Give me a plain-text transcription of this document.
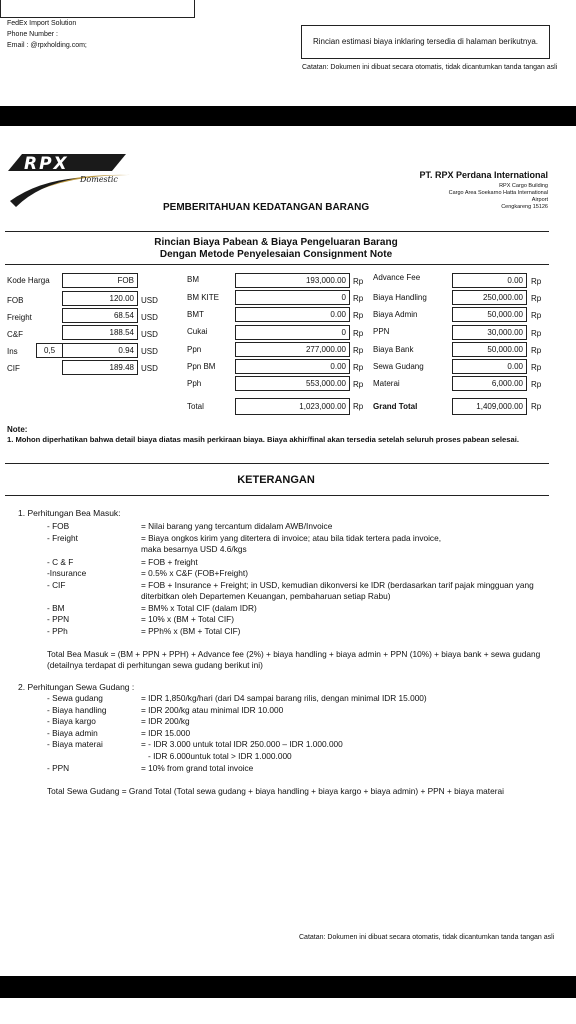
FedEx Import Solution
Phone Number :
Email : @rpxholding.com;	Rincian estimasi biaya inklaring tersedia di halaman berikutnya.
Catatan: Dokumen ini dibuat secara otomatis, tidak dicantumkan tanda tangan asli
RPX
Domestic	PT. RPX Perdana International
RPX Cargo Building
Cargo Area Soekarno Hatta International
Airport
Cengkareng 15126
PEMBERITAHUAN KEDATANGAN BARANG
Rincian Biaya Pabean & Biaya Pengeluaran Barang
Dengan Metode Penyelesaian Consignment Note
Kode Harga	FOB
FOB	120.00 USD
Freight	68.54 USD
C&F	188.54 USD
Ins	0,5	0.94 USD
CIF	189.48 USD
BM	193,000.00 Rp
BM KITE	0 Rp
BMT	0.00 Rp
Cukai	0 Rp
Ppn	277,000.00 Rp
Ppn BM	0.00 Rp
Pph	553,000.00 Rp
Total	1,023,000.00 Rp
Advance Fee	0.00	Rp
Biaya Handling	250,000.00	Rp
Biaya Admin	50,000.00	Rp
PPN	30,000.00	Rp
Biaya Bank	50,000.00	Rp
Sewa Gudang	0.00	Rp
Materai	6,000.00	Rp
Grand Total	1,409,000.00	Rp
Note:
1. Mohon diperhatikan bahwa detail biaya diatas masih perkiraan biaya. Biaya akhir/final akan tersedia setelah seluruh proses pabean selesai.
KETERANGAN
1. Perhitungan Bea Masuk:
- FOB	= Nilai barang yang tercantum didalam AWB/Invoice
- Freight	= Biaya ongkos kirim yang ditertera di invoice; atau bila tidak tertera pada invoice,
maka besarnya USD 4.6/kgs
- C & F	= FOB + freight
-Insurance	= 0.5% x C&F (FOB+Freight)
- CIF	= FOB + Insurance + Freight; in USD, kemudian dikonversi ke IDR (berdasarkan tarif pajak mingguan yang
diterbitkan oleh Departemen Keuangan, pembaharuan setiap Rabu)
- BM	= BM% x Total CIF (dalam IDR)
- PPN	= 10% x (BM + Total CIF)
- PPh	= PPh% x (BM + Total CIF)
Total Bea Masuk = (BM + PPN + PPH) + Advance fee (2%) + biaya handling + biaya admin + PPN (10%) + biaya bank + sewa gudang
(detailnya terdapat di perhitungan sewa gudang berikut ini)
2. Perhitungan Sewa Gudang :
- Sewa gudang	= IDR 1,850/kg/hari (dari D4 sampai barang rilis, dengan minimal IDR 15.000)
- Biaya handling	= IDR 200/kg atau minimal IDR 10.000
- Biaya kargo	= IDR 200/kg
- Biaya admin	= IDR 15.000
- Biaya materai	= - IDR 3.000 untuk total IDR 250.000 – IDR 1.000.000
- IDR 6.000untuk total > IDR 1.000.000
- PPN	= 10% from grand total invoice
Total Sewa Gudang = Grand Total (Total sewa gudang + biaya handling + biaya kargo + biaya admin) + PPN + biaya materai
Catatan: Dokumen ini dibuat secara otomatis, tidak dicantumkan tanda tangan asli
